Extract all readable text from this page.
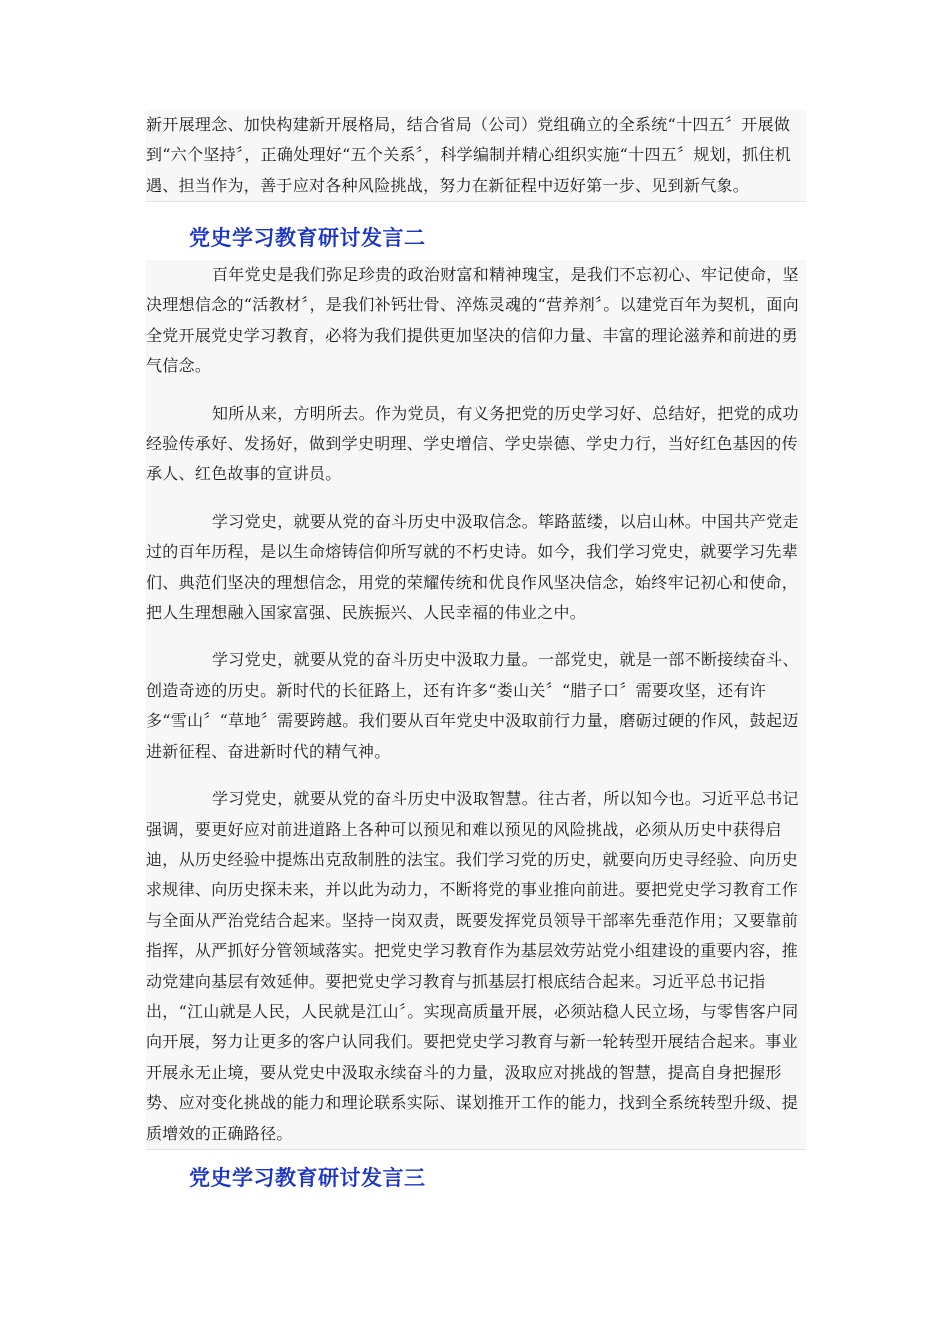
新开展理念、加快构建新开展格局，结合省局（公司）党组确立的全系统“十四五〞开展做到“六个坚持〞，正确处理好“五个关系〞，科学编制并精心组织实施“十四五〞规划，抓住机遇、担当作为，善于应对各种风险挑战，努力在新征程中迈好第一步、见到新气象。

党史学习教育研讨发言二

百年党史是我们弥足珍贵的政治财富和精神瑰宝，是我们不忘初心、牢记使命，坚决理想信念的“活教材〞，是我们补钙壮骨、淬炼灵魂的“营养剂〞。以建党百年为契机，面向全党开展党史学习教育，必将为我们提供更加坚决的信仰力量、丰富的理论滋养和前进的勇气信念。

知所从来，方明所去。作为党员，有义务把党的历史学习好、总结好，把党的成功经验传承好、发扬好，做到学史明理、学史增信、学史崇德、学史力行，当好红色基因的传承人、红色故事的宣讲员。

学习党史，就要从党的奋斗历史中汲取信念。筚路蓝缕，以启山林。中国共产党走过的百年历程，是以生命熔铸信仰所写就的不朽史诗。如今，我们学习党史，就要学习先辈们、典范们坚决的理想信念，用党的荣耀传统和优良作风坚决信念，始终牢记初心和使命，把人生理想融入国家富强、民族振兴、人民幸福的伟业之中。

学习党史，就要从党的奋斗历史中汲取力量。一部党史，就是一部不断接续奋斗、创造奇迹的历史。新时代的长征路上，还有许多“娄山关〞“腊子口〞需要攻坚，还有许多“雪山〞“草地〞需要跨越。我们要从百年党史中汲取前行力量，磨砺过硬的作风，鼓起迈进新征程、奋进新时代的精气神。

学习党史，就要从党的奋斗历史中汲取智慧。往古者，所以知今也。习近平总书记强调，要更好应对前进道路上各种可以预见和难以预见的风险挑战，必须从历史中获得启迪，从历史经验中提炼出克敌制胜的法宝。我们学习党的历史，就要向历史寻经验、向历史求规律、向历史探未来，并以此为动力，不断将党的事业推向前进。要把党史学习教育工作与全面从严治党结合起来。坚持一岗双责，既要发挥党员领导干部率先垂范作用；又要靠前指挥，从严抓好分管领域落实。把党史学习教育作为基层效劳站党小组建设的重要内容，推动党建向基层有效延伸。要把党史学习教育与抓基层打根底结合起来。习近平总书记指出，“江山就是人民，人民就是江山〞。实现高质量开展，必须站稳人民立场，与零售客户同向开展，努力让更多的客户认同我们。要把党史学习教育与新一轮转型开展结合起来。事业开展永无止境，要从党史中汲取永续奋斗的力量，汲取应对挑战的智慧，提高自身把握形势、应对变化挑战的能力和理论联系实际、谋划推开工作的能力，找到全系统转型升级、提质增效的正确路径。

党史学习教育研讨发言三
